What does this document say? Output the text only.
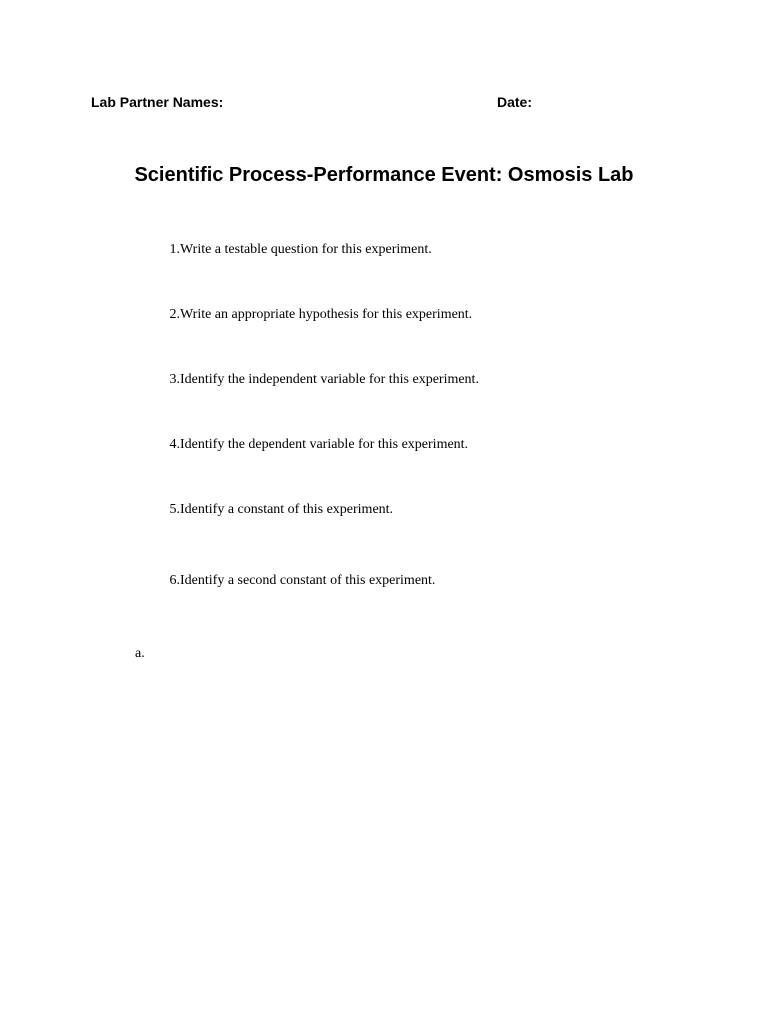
Lab Partner Names:	Date:
Scientific Process-Performance Event: Osmosis Lab
1. Write a testable question for this experiment.
2. Write an appropriate hypothesis for this experiment.
3. Identify the independent variable for this experiment.
4. Identify the dependent variable for this experiment.
5. Identify a constant of this experiment.
6. Identify a second constant of this experiment.
a.
